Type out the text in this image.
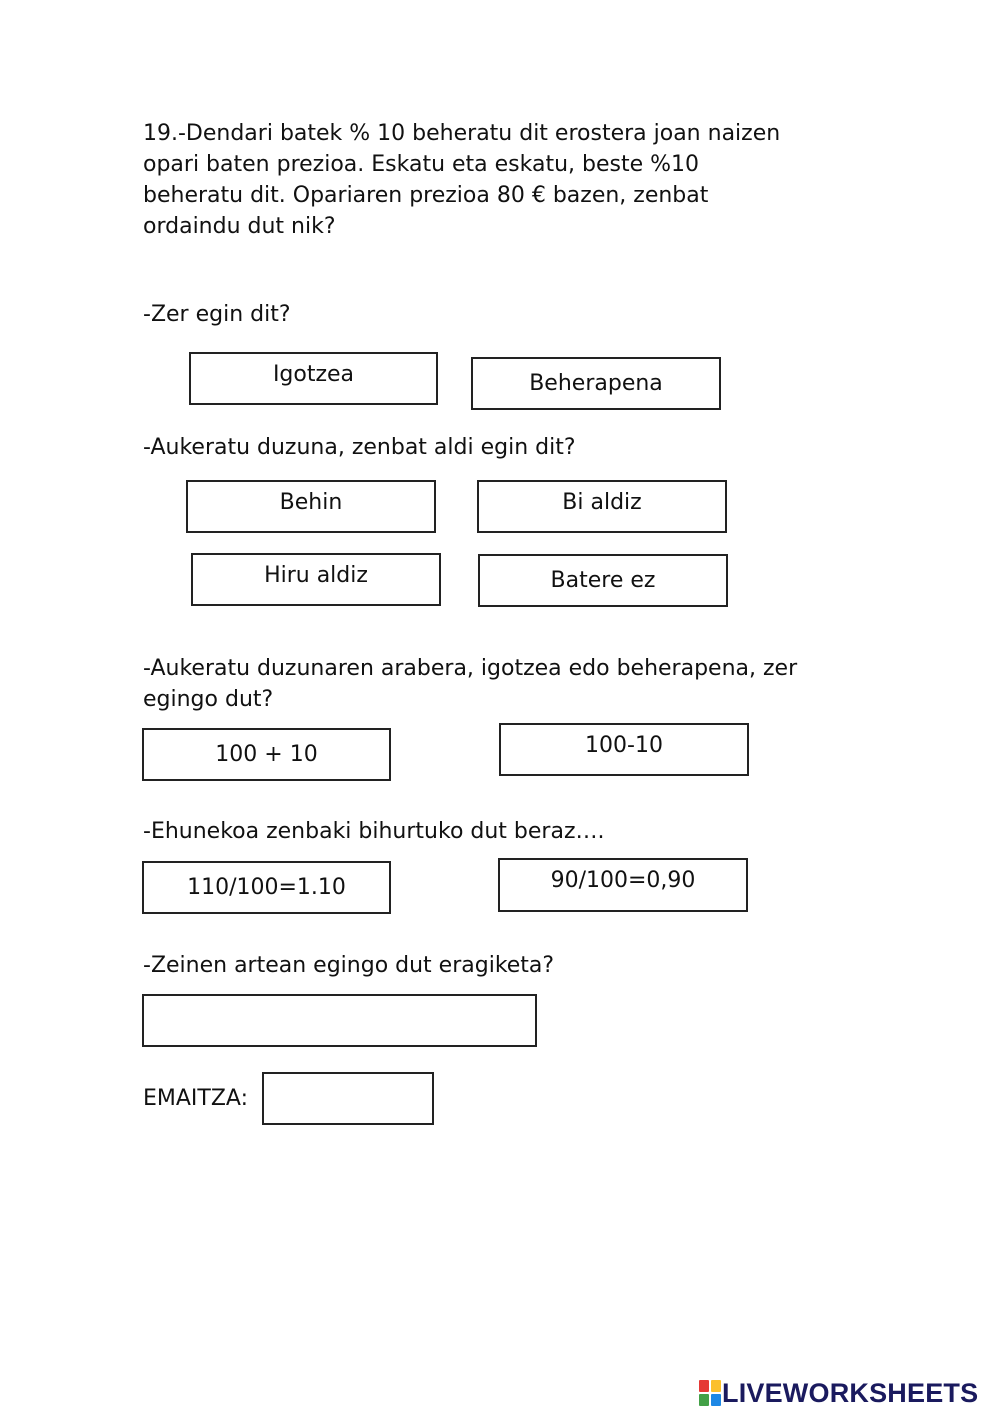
19.-Dendari batek % 10 beheratu dit erostera joan naizen
opari baten prezioa. Eskatu eta eskatu, beste %10
beheratu dit. Opariaren prezioa 80 € bazen, zenbat
ordaindu dut nik?
-Zer egin dit?
Igotzea	Beherapena
-Aukeratu duzuna, zenbat aldi egin dit?
Behin	Bi aldiz
Hiru aldiz	Batere ez
-Aukeratu duzunaren arabera, igotzea edo beherapena, zer
egingo dut?
100 + 10	100-10
-Ehunekoa zenbaki bihurtuko dut beraz….
110/100=1.10	90/100=0,90
-Zeinen artean egingo dut eragiketa?
EMAITZA:
LIVEWORKSHEETS
